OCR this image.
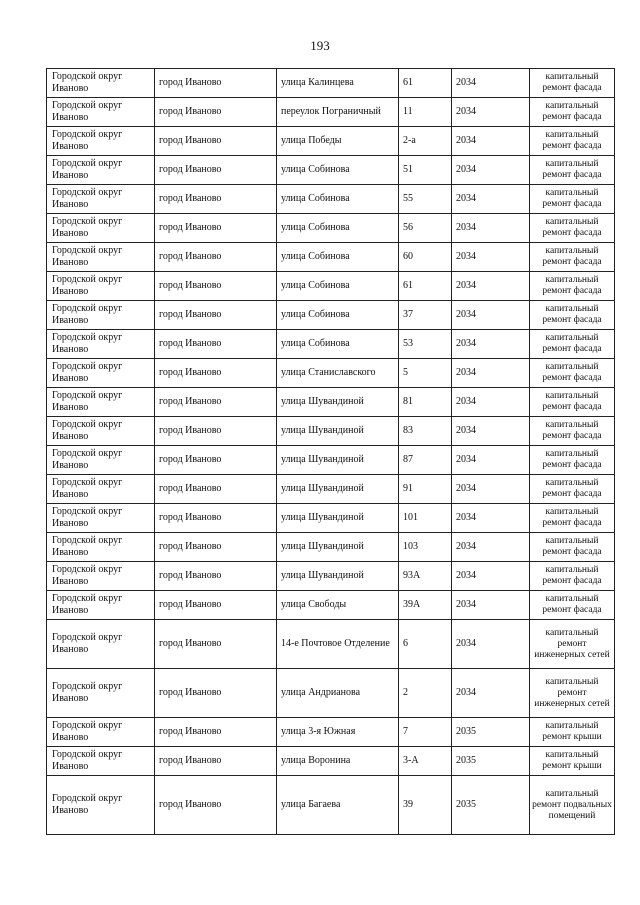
193
Городской округ Иваново	город Иваново	улица Калинцева	61	2034	капитальный ремонт фасада
Городской округ Иваново	город Иваново	переулок Пограничный	11	2034	капитальный ремонт фасада
Городской округ Иваново	город Иваново	улица Победы	2-а	2034	капитальный ремонт фасада
Городской округ Иваново	город Иваново	улица Собинова	51	2034	капитальный ремонт фасада
Городской округ Иваново	город Иваново	улица Собинова	55	2034	капитальный ремонт фасада
Городской округ Иваново	город Иваново	улица Собинова	56	2034	капитальный ремонт фасада
Городской округ Иваново	город Иваново	улица Собинова	60	2034	капитальный ремонт фасада
Городской округ Иваново	город Иваново	улица Собинова	61	2034	капитальный ремонт фасада
Городской округ Иваново	город Иваново	улица Собинова	37	2034	капитальный ремонт фасада
Городской округ Иваново	город Иваново	улица Собинова	53	2034	капитальный ремонт фасада
Городской округ Иваново	город Иваново	улица Станиславского	5	2034	капитальный ремонт фасада
Городской округ Иваново	город Иваново	улица Шувандиной	81	2034	капитальный ремонт фасада
Городской округ Иваново	город Иваново	улица Шувандиной	83	2034	капитальный ремонт фасада
Городской округ Иваново	город Иваново	улица Шувандиной	87	2034	капитальный ремонт фасада
Городской округ Иваново	город Иваново	улица Шувандиной	91	2034	капитальный ремонт фасада
Городской округ Иваново	город Иваново	улица Шувандиной	101	2034	капитальный ремонт фасада
Городской округ Иваново	город Иваново	улица Шувандиной	103	2034	капитальный ремонт фасада
Городской округ Иваново	город Иваново	улица Шувандиной	93А	2034	капитальный ремонт фасада
Городской округ Иваново	город Иваново	улица Свободы	39А	2034	капитальный ремонт фасада
Городской округ Иваново	город Иваново	14-е Почтовое Отделение	6	2034	капитальный ремонт инженерных сетей
Городской округ Иваново	город Иваново	улица Андрианова	2	2034	капитальный ремонт инженерных сетей
Городской округ Иваново	город Иваново	улица 3-я Южная	7	2035	капитальный ремонт крыши
Городской округ Иваново	город Иваново	улица Воронина	3-А	2035	капитальный ремонт крыши
Городской округ Иваново	город Иваново	улица Багаева	39	2035	капитальный ремонт подвальных помещений
